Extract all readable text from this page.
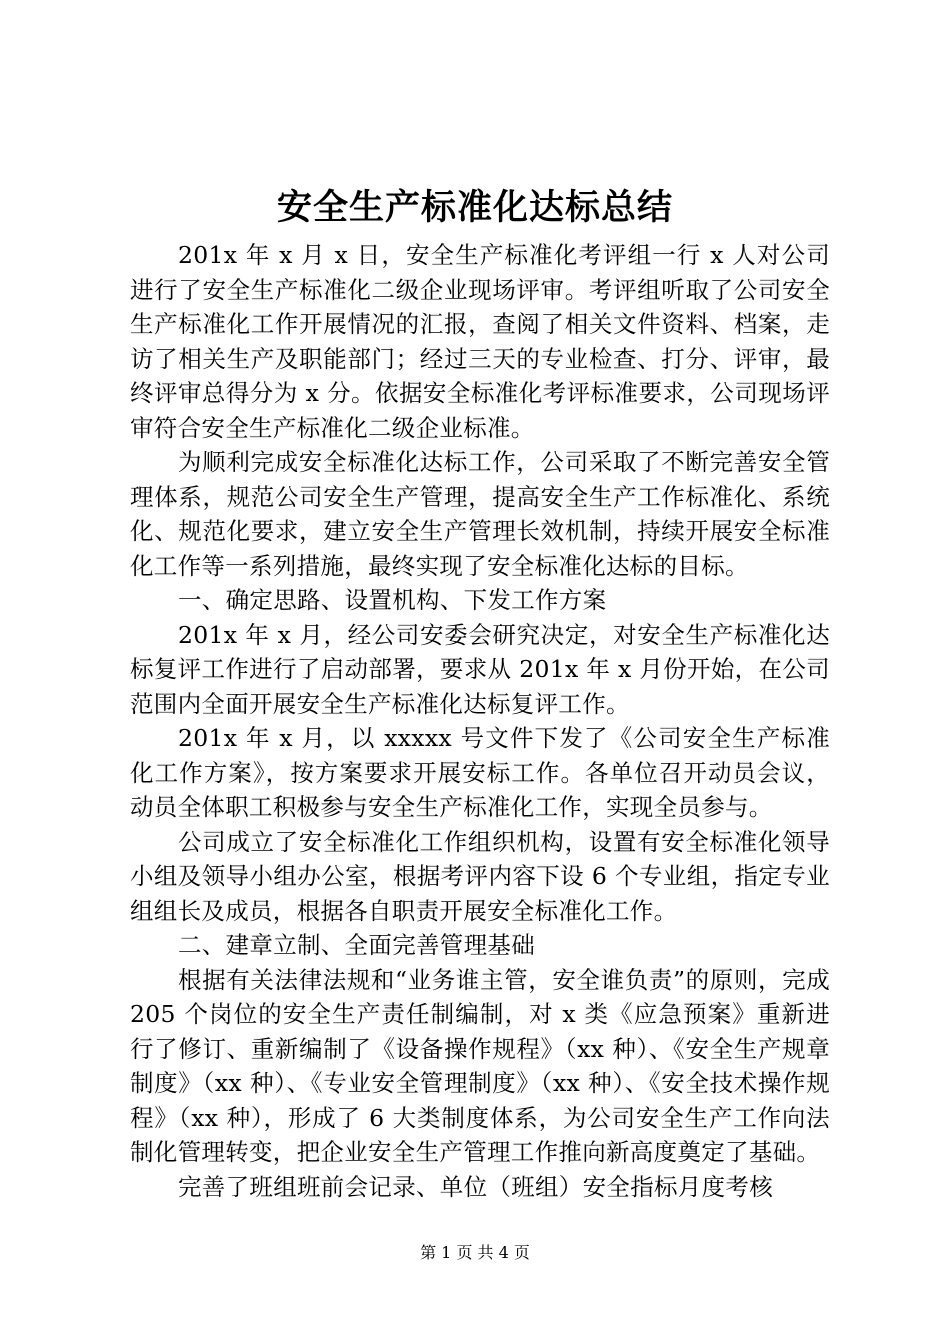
安全生产标准化达标总结

201x 年 x 月 x 日，安全生产标准化考评组一行 x 人对公司进行了安全生产标准化二级企业现场评审。考评组听取了公司安全生产标准化工作开展情况的汇报，查阅了相关文件资料、档案，走访了相关生产及职能部门；经过三天的专业检查、打分、评审，最终评审总得分为 x 分。依据安全标准化考评标准要求，公司现场评审符合安全生产标准化二级企业标准。

为顺利完成安全标准化达标工作，公司采取了不断完善安全管理体系，规范公司安全生产管理，提高安全生产工作标准化、系统化、规范化要求，建立安全生产管理长效机制，持续开展安全标准化工作等一系列措施，最终实现了安全标准化达标的目标。

一、确定思路、设置机构、下发工作方案

201x 年 x 月，经公司安委会研究决定，对安全生产标准化达标复评工作进行了启动部署，要求从 201x 年 x 月份开始，在公司范围内全面开展安全生产标准化达标复评工作。

201x 年 x 月，以 xxxxx 号文件下发了《公司安全生产标准化工作方案》，按方案要求开展安标工作。各单位召开动员会议，动员全体职工积极参与安全生产标准化工作，实现全员参与。

公司成立了安全标准化工作组织机构，设置有安全标准化领导小组及领导小组办公室，根据考评内容下设 6 个专业组，指定专业组组长及成员，根据各自职责开展安全标准化工作。

二、建章立制、全面完善管理基础

根据有关法律法规和“业务谁主管，安全谁负责”的原则，完成 205 个岗位的安全生产责任制编制，对 x 类《应急预案》重新进行了修订、重新编制了《设备操作规程》（xx 种）、《安全生产规章制度》（xx 种）、《专业安全管理制度》（xx 种）、《安全技术操作规程》（xx 种），形成了 6 大类制度体系，为公司安全生产工作向法制化管理转变，把企业安全生产管理工作推向新高度奠定了基础。

完善了班组班前会记录、单位（班组）安全指标月度考核

第 1 页 共 4 页
